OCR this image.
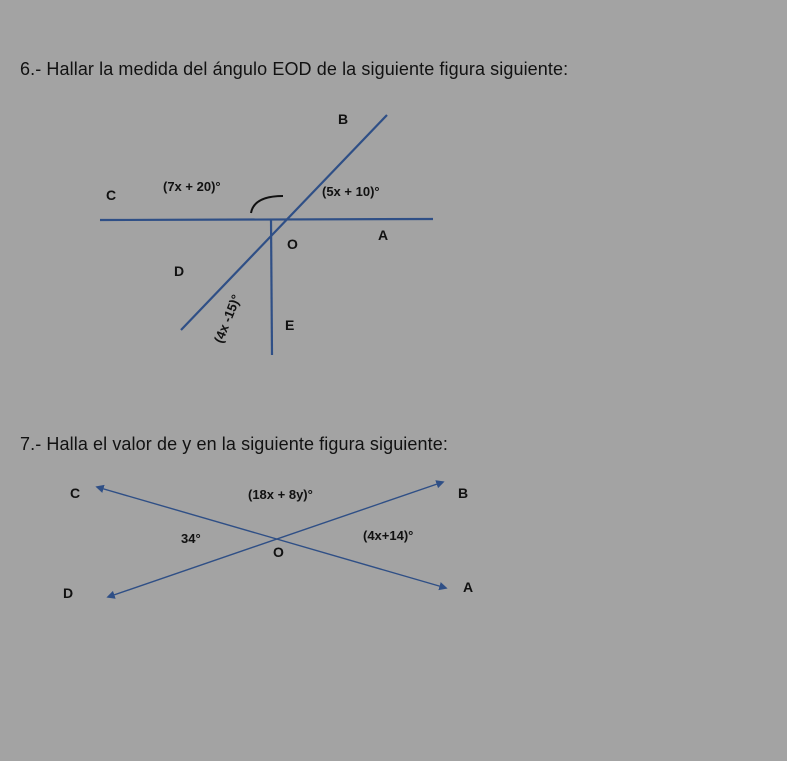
6.- Hallar la medida del ángulo EOD de la siguiente figura siguiente:
B
C
A
O
D
E
(7x + 20)°	(5x + 10)°
(4x -15)°
C	B
O
D	A
(18x + 8y)°
34°	(4x+14)°
7.- Halla el valor de y en la siguiente figura siguiente:
